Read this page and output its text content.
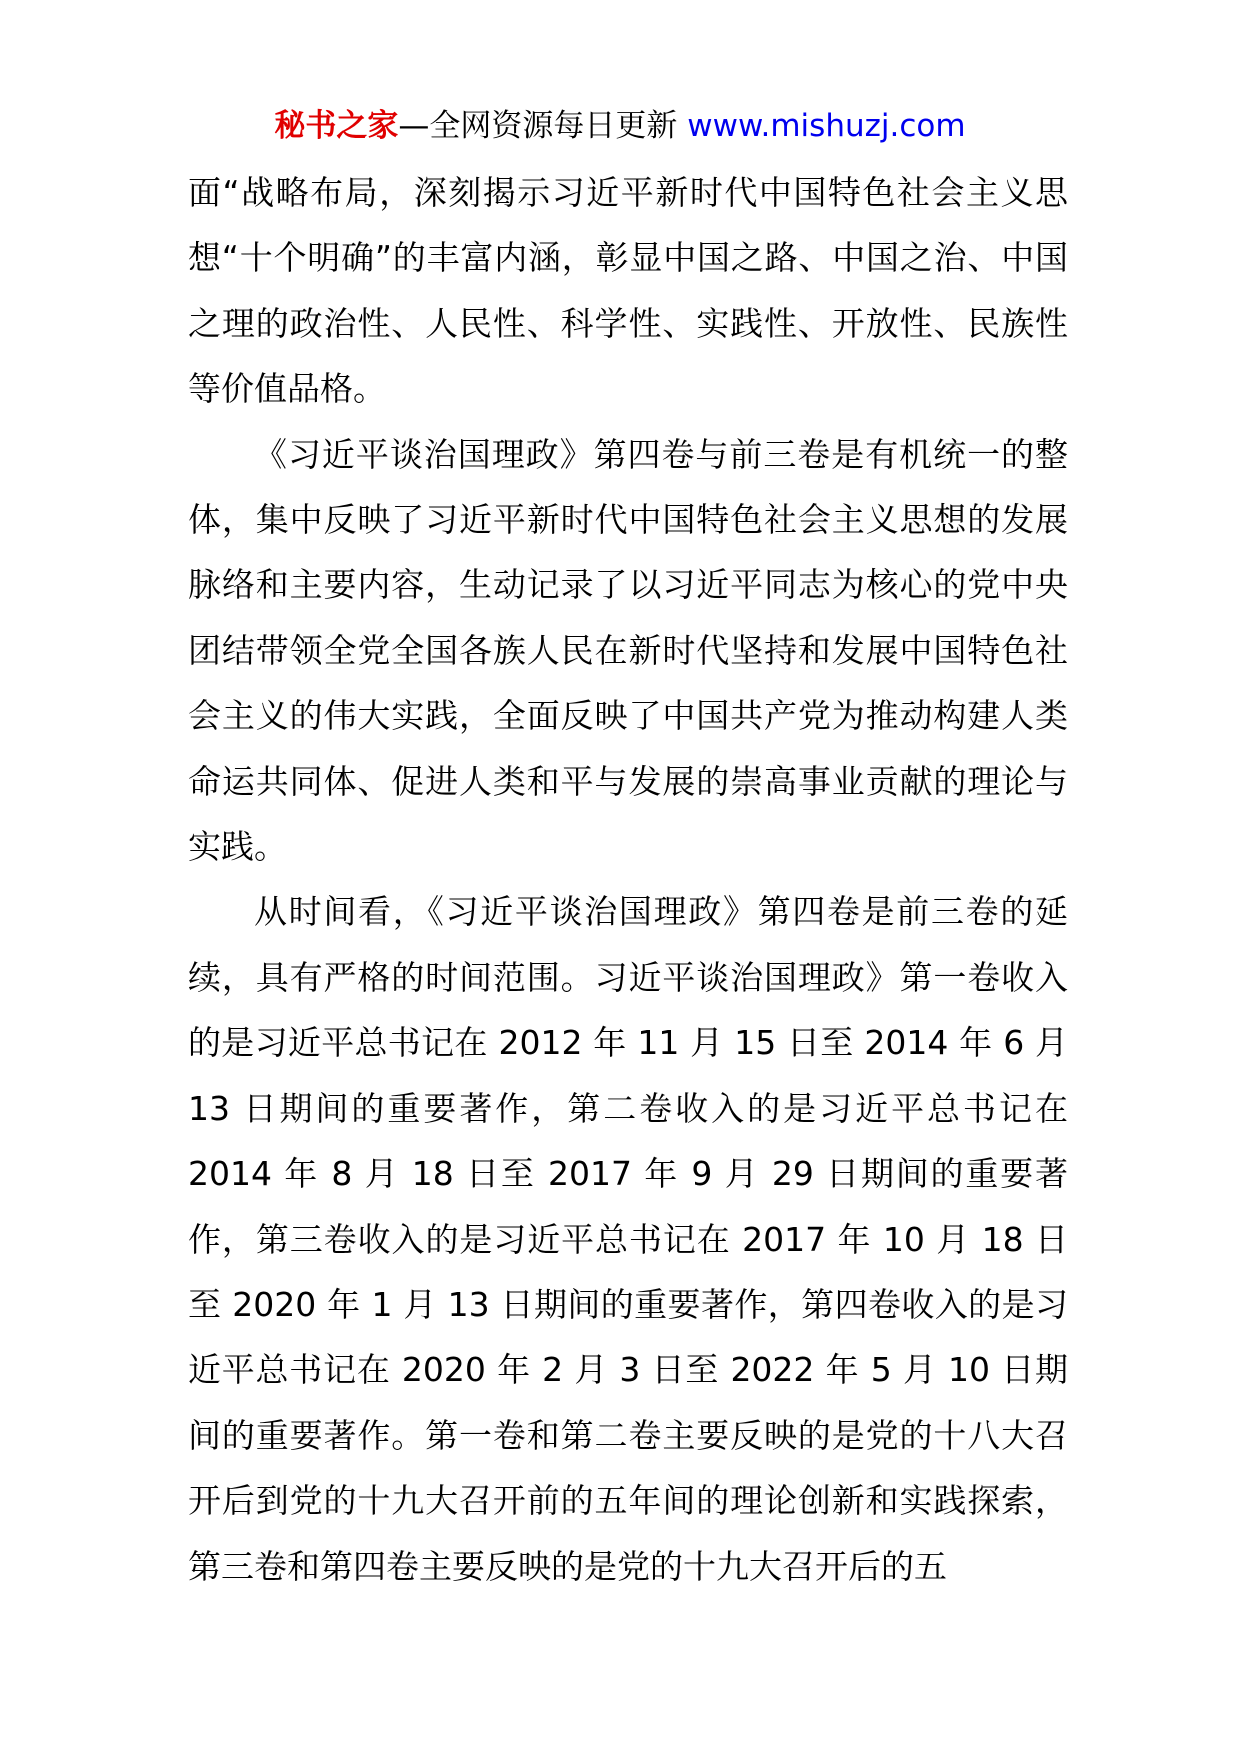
秘书之家—全网资源每日更新 www.mishuzj.com

面“战略布局，深刻揭示习近平新时代中国特色社会主义思想“十个明确”的丰富内涵，彰显中国之路、中国之治、中国之理的政治性、人民性、科学性、实践性、开放性、民族性等价值品格。

《习近平谈治国理政》第四卷与前三卷是有机统一的整体，集中反映了习近平新时代中国特色社会主义思想的发展脉络和主要内容，生动记录了以习近平同志为核心的党中央团结带领全党全国各族人民在新时代坚持和发展中国特色社会主义的伟大实践，全面反映了中国共产党为推动构建人类命运共同体、促进人类和平与发展的崇高事业贡献的理论与实践。

从时间看，《习近平谈治国理政》第四卷是前三卷的延续，具有严格的时间范围。习近平谈治国理政》第一卷收入的是习近平总书记在 2012 年 11 月 15 日至 2014 年 6 月 13 日期间的重要著作，第二卷收入的是习近平总书记在 2014 年 8 月 18 日至 2017 年 9 月 29 日期间的重要著作，第三卷收入的是习近平总书记在 2017 年 10 月 18 日至 2020 年 1 月 13 日期间的重要著作，第四卷收入的是习近平总书记在 2020 年 2 月 3 日至 2022 年 5 月 10 日期间的重要著作。第一卷和第二卷主要反映的是党的十八大召开后到党的十九大召开前的五年间的理论创新和实践探索，第三卷和第四卷主要反映的是党的十九大召开后的五
